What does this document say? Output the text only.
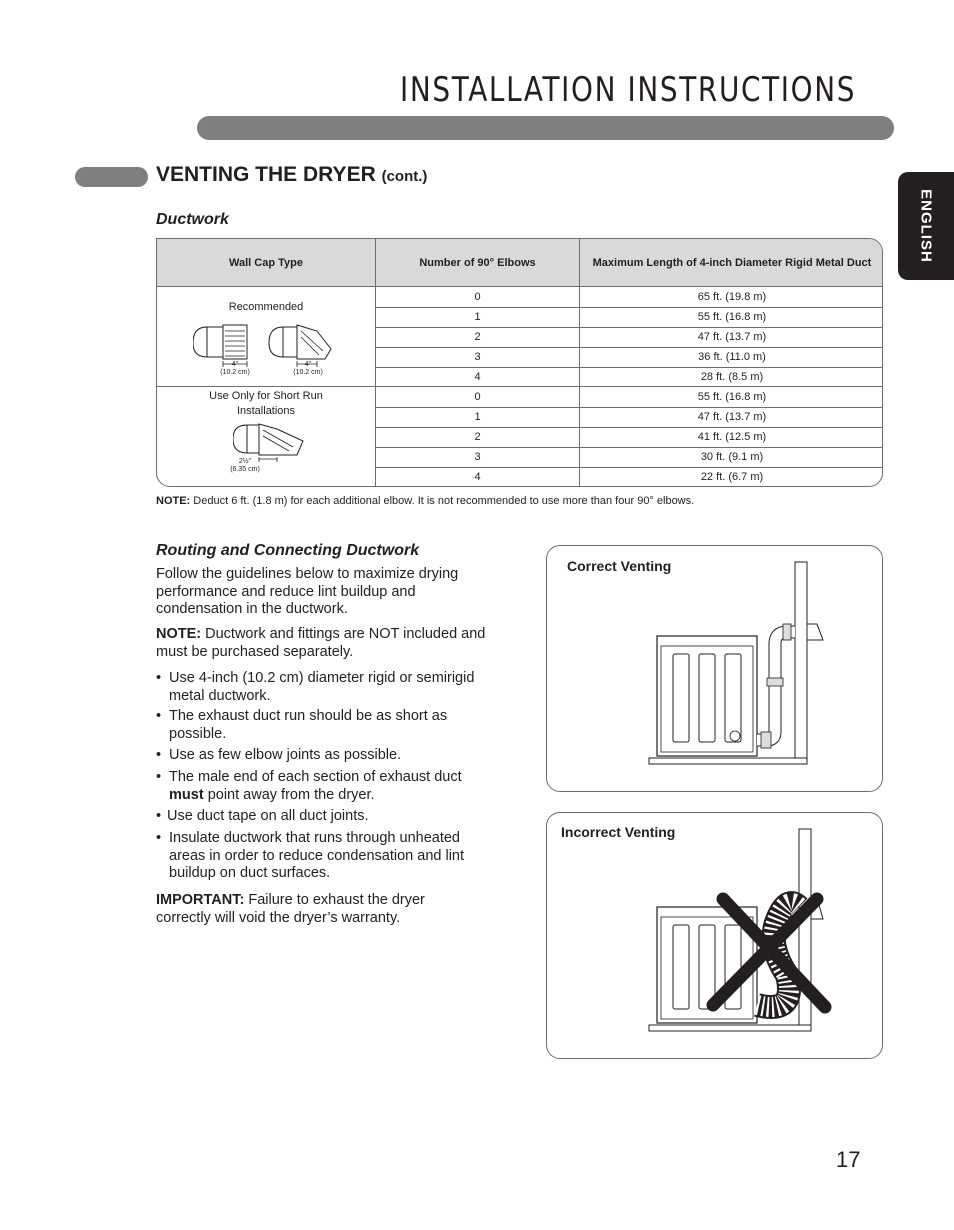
INSTALLATION INSTRUCTIONS
ENGLISH
VENTING THE DRYER (cont.)
Ductwork
Wall Cap Type	Number of 90° Elbows	Maximum Length of 4-inch Diameter Rigid Metal Duct
Recommended
4"
(10.2 cm)
4"
(10.2 cm)
0	65 ft. (19.8 m)
1	55 ft. (16.8 m)
2	47 ft. (13.7 m)
3	36 ft. (11.0 m)
4	28 ft. (8.5 m)
Use Only for Short Run Installations
2½"
(6.35 cm)
0	55 ft. (16.8 m)
1	47 ft. (13.7 m)
2	41 ft. (12.5 m)
3	30 ft. (9.1 m)
4	22 ft. (6.7 m)
NOTE: Deduct 6 ft. (1.8 m) for each additional elbow. It is not recommended to use more than four 90° elbows.
Routing and Connecting Ductwork
Follow the guidelines below to maximize drying performance and reduce lint buildup and condensation in the ductwork.
NOTE: Ductwork and fittings are NOT included and must be purchased separately.
• Use 4-inch (10.2 cm) diameter rigid or semirigid metal ductwork.
• The exhaust duct run should be as short as possible.
• Use as few elbow joints as possible.
• The male end of each section of exhaust duct must point away from the dryer.
• Use duct tape on all duct joints.
• Insulate ductwork that runs through unheated areas in order to reduce condensation and lint buildup on duct surfaces.
IMPORTANT: Failure to exhaust the dryer correctly will void the dryer’s warranty.
Correct Venting
Incorrect Venting
17
